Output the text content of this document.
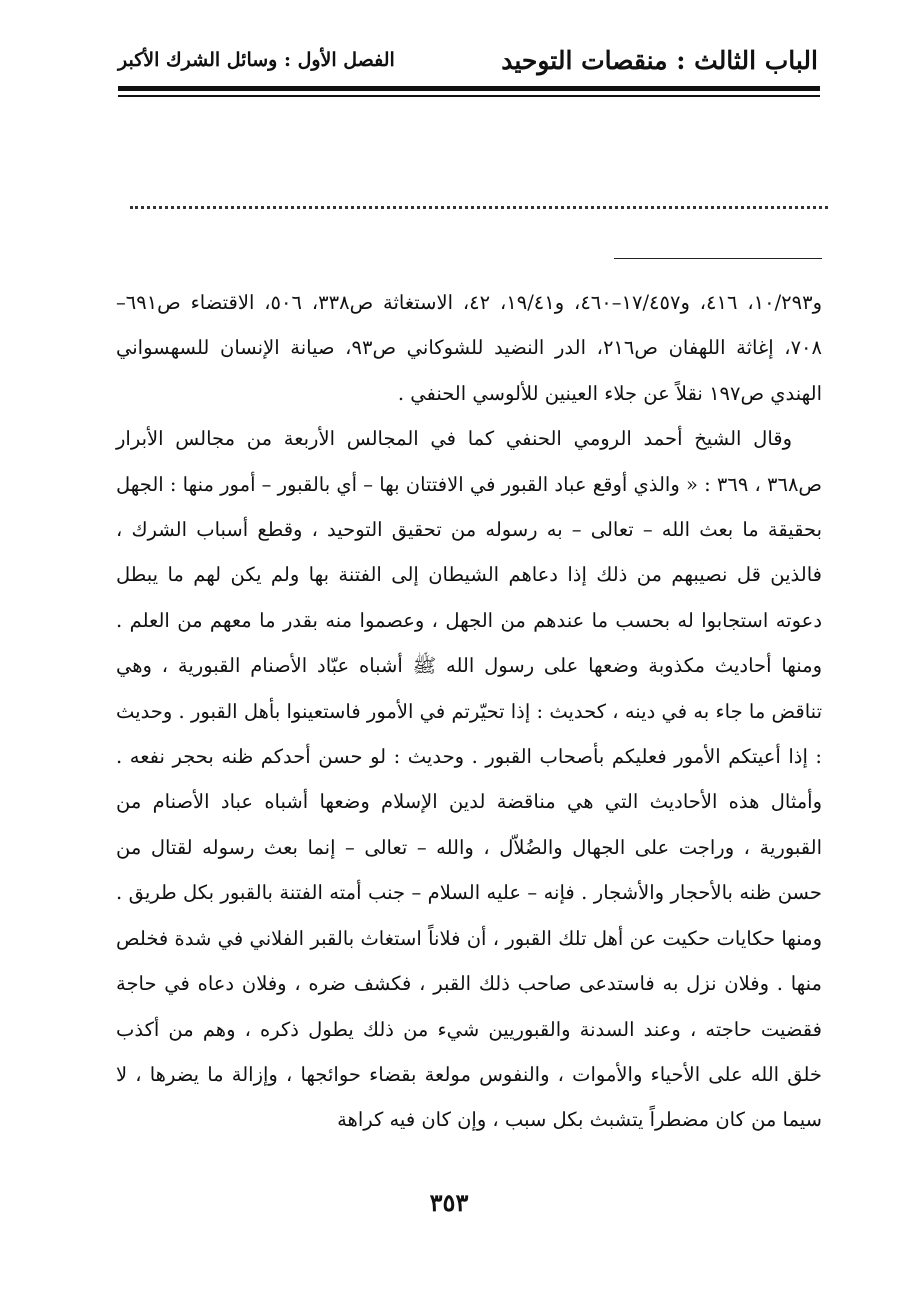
الباب الثالث : منقصات التوحيد
الفصل الأول : وسائل الشرك الأكبر

و١٠/٢٩٣، ٤١٦، و١٧/٤٥٧–٤٦٠، و١٩/٤١، ٤٢، الاستغاثة ص٣٣٨، ٥٠٦، الاقتضاء ص٦٩١–٧٠٨، إغاثة اللهفان ص٢١٦، الدر النضيد للشوكاني ص٩٣، صيانة الإنسان للسهسواني الهندي ص١٩٧ نقلاً عن جلاء العينين للألوسي الحنفي .

وقال الشيخ أحمد الرومي الحنفي كما في المجالس الأربعة من مجالس الأبرار ص٣٦٨ ، ٣٦٩ : « والذي أوقع عباد القبور في الافتتان بها – أي بالقبور – أمور منها : الجهل بحقيقة ما بعث الله – تعالى – به رسوله من تحقيق التوحيد ، وقطع أسباب الشرك ، فالذين قل نصيبهم من ذلك إذا دعاهم الشيطان إلى الفتنة بها ولم يكن لهم ما يبطل دعوته استجابوا له بحسب ما عندهم من الجهل ، وعصموا منه بقدر ما معهم من العلم . ومنها أحاديث مكذوبة وضعها على رسول الله ﷺ أشباه عبّاد الأصنام القبورية ، وهي تناقض ما جاء به في دينه ، كحديث : إذا تحيّرتم في الأمور فاستعينوا بأهل القبور . وحديث : إذا أعيتكم الأمور فعليكم بأصحاب القبور . وحديث : لو حسن أحدكم ظنه بحجر نفعه . وأمثال هذه الأحاديث التي هي مناقضة لدين الإسلام وضعها أشباه عباد الأصنام من القبورية ، وراجت على الجهال والضُلاّل ، والله – تعالى – إنما بعث رسوله لقتال من حسن ظنه بالأحجار والأشجار . فإنه – عليه السلام – جنب أمته الفتنة بالقبور بكل طريق . ومنها حكايات حكيت عن أهل تلك القبور ، أن فلاناً استغاث بالقبر الفلاني في شدة فخلص منها . وفلان نزل به فاستدعى صاحب ذلك القبر ، فكشف ضره ، وفلان دعاه في حاجة فقضيت حاجته ، وعند السدنة والقبوريين شيء من ذلك يطول ذكره ، وهم من أكذب خلق الله على الأحياء والأموات ، والنفوس مولعة بقضاء حوائجها ، وإزالة ما يضرها ، لا سيما من كان مضطراً يتشبث بكل سبب ، وإن كان فيه كراهة

٣٥٣
